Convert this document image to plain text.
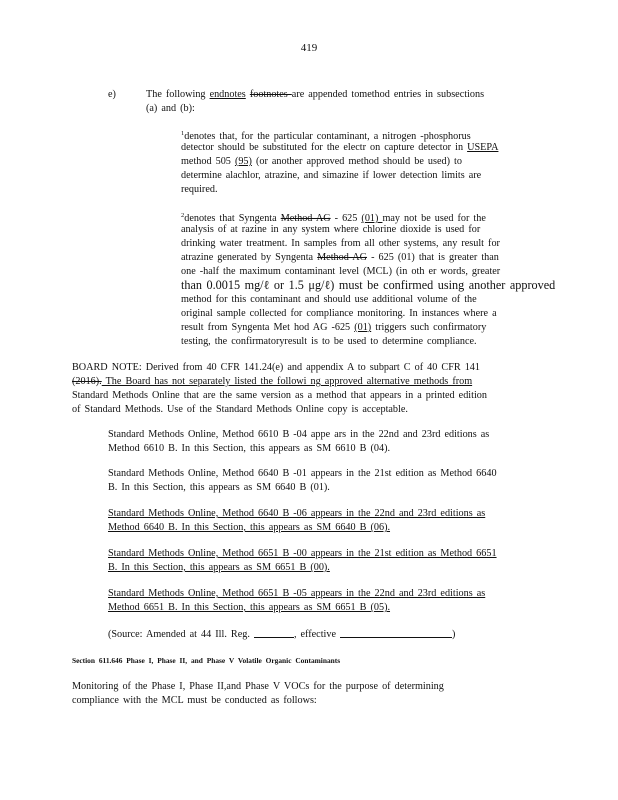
419
e)	The following endnotes footnotes are appended tomethod entries in subsections
(a) and (b):
$^1$denotes that, for the particular contaminant, a nitrogen -phosphorus
detector should be substituted for the electr on capture detector in USEPA
method 505 (95) (or another approved method should be used) to
determine alachlor, atrazine, and simazine if lower detection limits are
required.
$^2$denotes that Syngenta Method AG - 625 (01) may not be used for the
analysis of at razine in any system where chlorine dioxide is used for
drinking water treatment. In samples from all other systems, any result for
atrazine generated by Syngenta Method AG - 625 (01) that is greater than
one -half the maximum contaminant level (MCL) (in oth er words, greater
than 0.0015 mg/ℓ or 1.5 μg/ℓ) must be confirmed using another approved
method for this contaminant and should use additional volume of the
original sample collected for compliance monitoring. In instances where a
result from Syngenta Met hod AG -625 (01) triggers such confirmatory
testing, the confirmatoryresult is to be used to determine compliance.
BOARD NOTE: Derived from 40 CFR 141.24(e) and appendix A to subpart C of 40 CFR 141
(2016). The Board has not separately listed the followi ng approved alternative methods from
Standard Methods Online that are the same version as a method that appears in a printed edition
of Standard Methods. Use of the Standard Methods Online copy is acceptable.
Standard Methods Online, Method 6610 B -04 appe ars in the 22nd and 23rd editions as
Method 6610 B. In this Section, this appears as SM 6610 B (04).
Standard Methods Online, Method 6640 B -01 appears in the 21st edition as Method 6640
B. In this Section, this appears as SM 6640 B (01).
Standard Methods Online, Method 6640 B -06 appears in the 22nd and 23rd editions as
Method 6640 B. In this Section, this appears as SM 6640 B (06).
Standard Methods Online, Method 6651 B -00 appears in the 21st edition as Method 6651
B. In this Section, this appears as SM 6651 B (00).
Standard Methods Online, Method 6651 B -05 appears in the 22nd and 23rd editions as
Method 6651 B. In this Section, this appears as SM 6651 B (05).
(Source: Amended at 44 Ill. Reg.	, effective	)
Section 611.646 Phase I, Phase II, and Phase V Volatile Organic Contaminants
Monitoring of the Phase I, Phase II,and Phase V VOCs for the purpose of determining
compliance with the MCL must be conducted as follows:
